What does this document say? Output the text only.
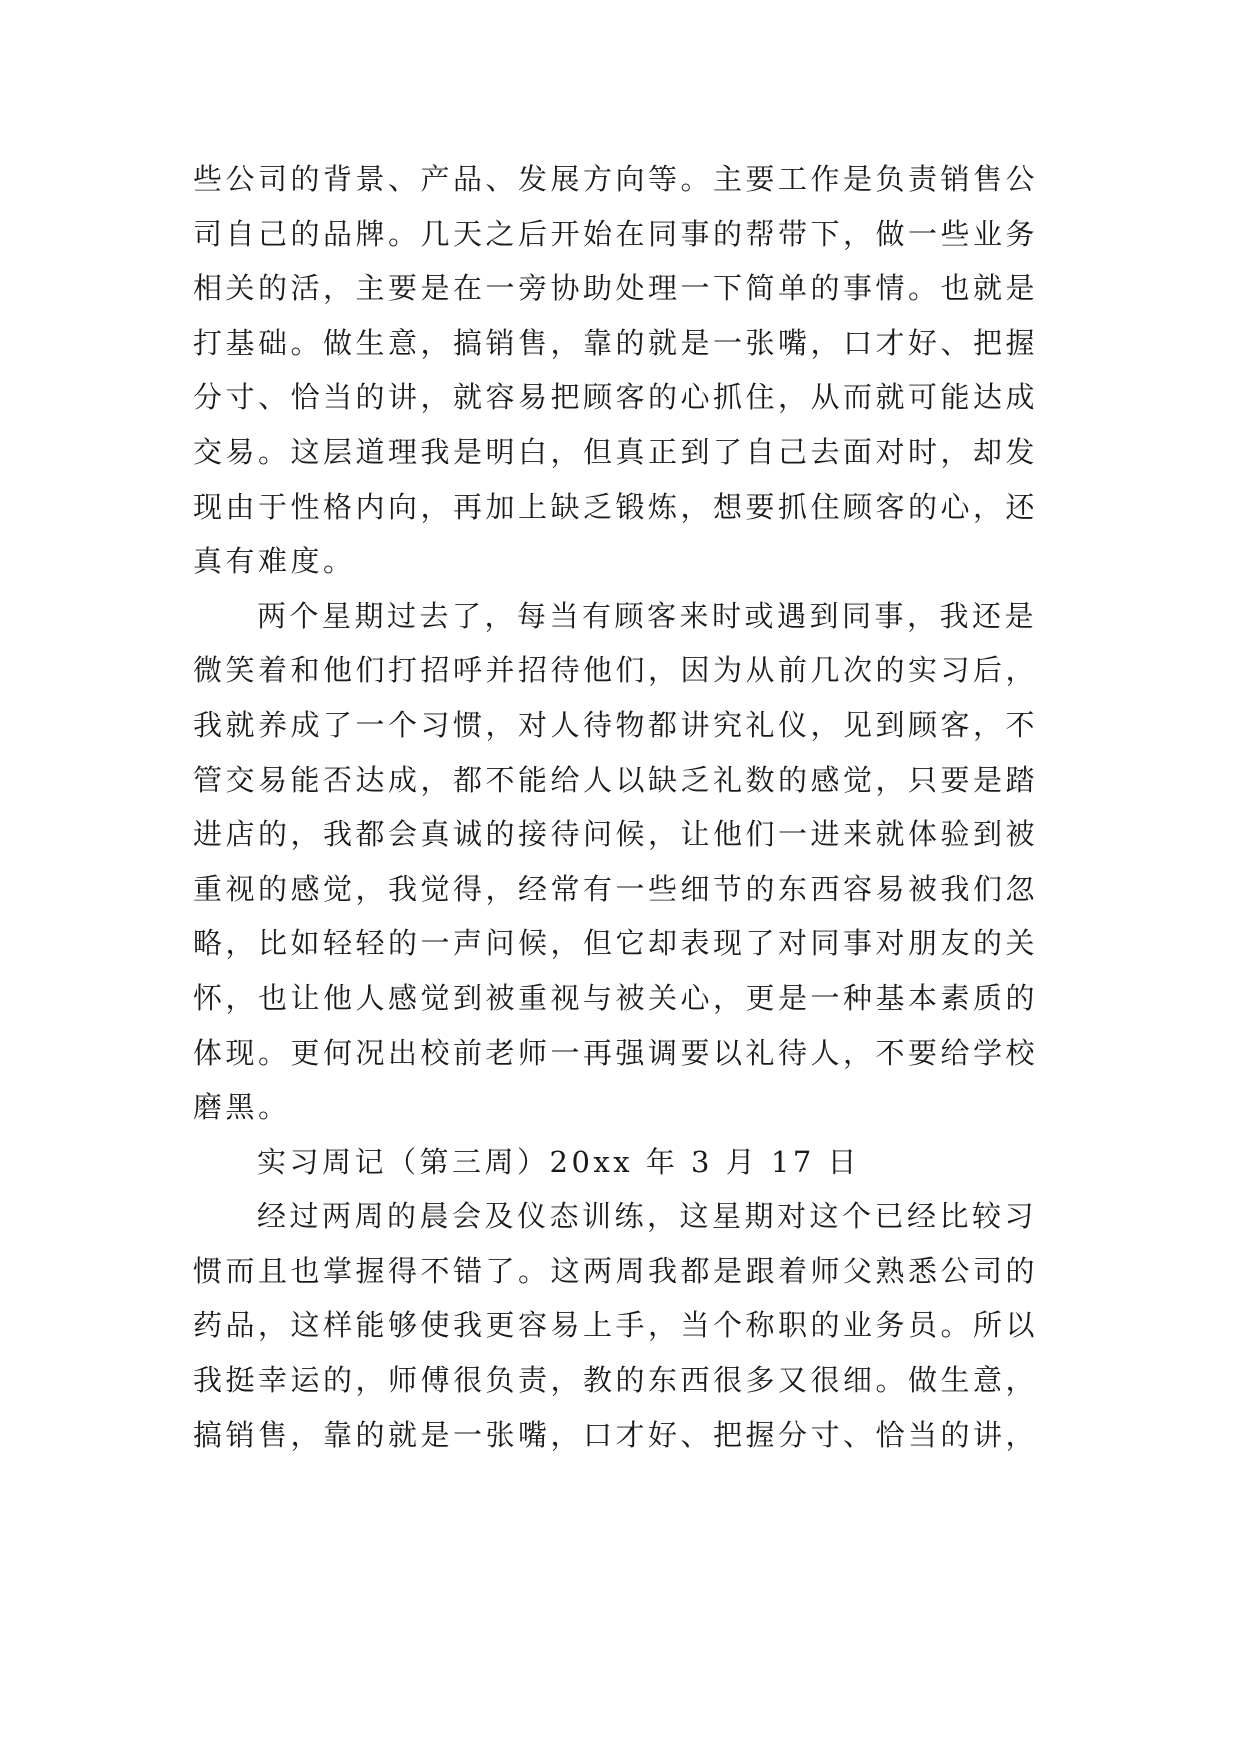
些公司的背景、产品、发展方向等。主要工作是负责销售公
司自己的品牌。几天之后开始在同事的帮带下，做一些业务
相关的活，主要是在一旁协助处理一下简单的事情。也就是
打基础。做生意，搞销售，靠的就是一张嘴，口才好、把握
分寸、恰当的讲，就容易把顾客的心抓住，从而就可能达成
交易。这层道理我是明白，但真正到了自己去面对时，却发
现由于性格内向，再加上缺乏锻炼，想要抓住顾客的心，还
真有难度。
两个星期过去了，每当有顾客来时或遇到同事，我还是
微笑着和他们打招呼并招待他们，因为从前几次的实习后，
我就养成了一个习惯，对人待物都讲究礼仪，见到顾客，不
管交易能否达成，都不能给人以缺乏礼数的感觉，只要是踏
进店的，我都会真诚的接待问候，让他们一进来就体验到被
重视的感觉，我觉得，经常有一些细节的东西容易被我们忽
略，比如轻轻的一声问候，但它却表现了对同事对朋友的关
怀，也让他人感觉到被重视与被关心，更是一种基本素质的
体现。更何况出校前老师一再强调要以礼待人，不要给学校
磨黑。
实习周记（第三周）20xx 年 3 月 17 日
经过两周的晨会及仪态训练，这星期对这个已经比较习
惯而且也掌握得不错了。这两周我都是跟着师父熟悉公司的
药品，这样能够使我更容易上手，当个称职的业务员。所以
我挺幸运的，师傅很负责，教的东西很多又很细。做生意，
搞销售，靠的就是一张嘴，口才好、把握分寸、恰当的讲，
